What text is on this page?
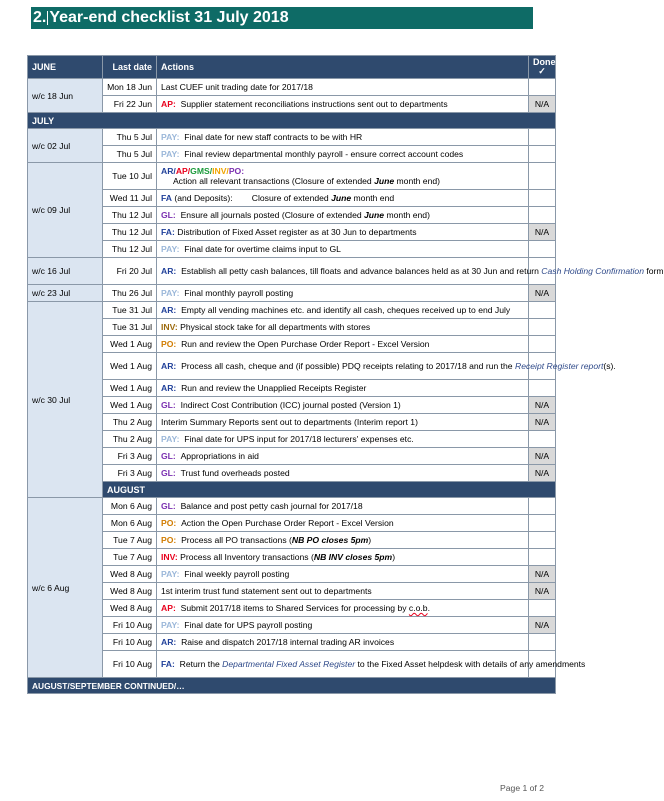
2. Year-end checklist 31 July 2018
JUNE	Last date	Actions	Done
✓
w/c 18 Jun	Mon 18 Jun	Last CUEF unit trading date for 2017/18	
	Fri 22 Jun	AP: Supplier statement reconciliations instructions sent out to departments	N/A
JULY			
w/c 02 Jul	Thu 5 Jul	PAY: Final date for new staff contracts to be with HR	
	Thu 5 Jul	PAY: Final review departmental monthly payroll - ensure correct account codes	
w/c 09 Jul	Tue 10 Jul	AR/AP/GMS/INV/PO:
Action all relevant transactions (Closure of extended June month end)	
	Wed 11 Jul	FA (and Deposits): Closure of extended June month end	
	Thu 12 Jul	GL: Ensure all journals posted (Closure of extended June month end)	
	Thu 12 Jul	FA: Distribution of Fixed Asset register as at 30 Jun to departments	N/A
	Thu 12 Jul	PAY: Final date for overtime claims input to GL	
w/c 16 Jul	Fri 20 Jul	AR: Establish all petty cash balances, till floats and advance balances held as at 30 Jun and return Cash Holding Confirmation form	
w/c 23 Jul	Thu 26 Jul	PAY: Final monthly payroll posting	N/A
w/c 30 Jul	Tue 31 Jul	AR: Empty all vending machines etc. and identify all cash, cheques received up to end July	
	Tue 31 Jul	INV: Physical stock take for all departments with stores	
	Wed 1 Aug	PO: Run and review the Open Purchase Order Report - Excel Version	
	Wed 1 Aug	AR: Process all cash, cheque and (if possible) PDQ receipts relating to 2017/18 and run the Receipt Register report(s).	
	Wed 1 Aug	AR: Run and review the Unapplied Receipts Register	
	Wed 1 Aug	GL: Indirect Cost Contribution (ICC) journal posted (Version 1)	N/A
	Thu 2 Aug	Interim Summary Reports sent out to departments (Interim report 1)	N/A
	Thu 2 Aug	PAY: Final date for UPS input for 2017/18 lecturers' expenses etc.	
	Fri 3 Aug	GL: Appropriations in aid	N/A
	Fri 3 Aug	GL: Trust fund overheads posted	N/A
	AUGUST		
w/c 6 Aug	Mon 6 Aug	GL: Balance and post petty cash journal for 2017/18	
	Mon 6 Aug	PO: Action the Open Purchase Order Report - Excel Version	
	Tue 7 Aug	PO: Process all PO transactions (NB PO closes 5pm)	
	Tue 7 Aug	INV: Process all Inventory transactions (NB INV closes 5pm)	
	Wed 8 Aug	PAY: Final weekly payroll posting	N/A
	Wed 8 Aug	1st interim trust fund statement sent out to departments	N/A
	Wed 8 Aug	AP: Submit 2017/18 items to Shared Services for processing by c.o.b.	
	Fri 10 Aug	PAY: Final date for UPS payroll posting	N/A
	Fri 10 Aug	AR: Raise and dispatch 2017/18 internal trading AR invoices	
	Fri 10 Aug	FA: Return the Departmental Fixed Asset Register to the Fixed Asset helpdesk with details of any amendments	
AUGUST/SEPTEMBER CONTINUED/…			
Page 1 of 2
